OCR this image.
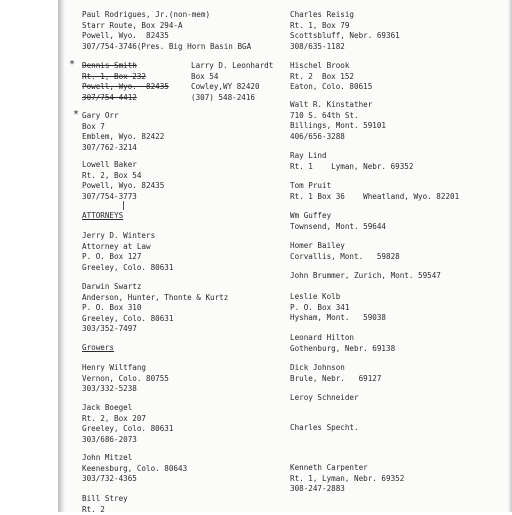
Paul Rodrigues, Jr.(non-mem)
Starr Route, Box 294-A
Powell, Wyo.  82435
307/754-3746(Pres. Big Horn Basin BGA
Dennis Smith
Rt. 1, Box 232
Powell, Wyo.  82435
307/754-4412
Gary Orr
Box 7
Emblem, Wyo. 82422
307/762-3214
Lowell Baker
Rt. 2, Box 54
Powell, Wyo. 82435
307/754-3773
ATTORNEYS
Jerry D. Winters
Attorney at Law
P. O. Box 127
Greeley, Colo. 80631
Darwin Swartz
Anderson, Hunter, Thonte & Kurtz
P. O. Box 310
Greeley, Colo. 80631
303/352-7497
Growers
Henry Wiltfang
Vernon, Colo. 80755
303/332-5238
Jack Boegel
Rt. 2, Box 207
Greeley, Colo. 80631
303/686-2073
John Mitzel
Keenesburg, Colo. 80643
303/732-4365
Bill Strey
Rt. 2
Larry D. Leonhardt
Box 54
Cowley,WY 82420
(307) 548-2416
Charles Reisig
Rt. 1, Box 79
Scottsbluff, Nebr. 69361
308/635-1182
Hischel Brook
Rt. 2  Box 152
Eaton, Colo. 80615
Walt R. Kinstather
710 S. 64th St.
Billings, Mont. 59101
406/656-3288
Ray Lind
Rt. 1    Lyman, Nebr. 69352
Tom Pruit
Rt. 1 Box 36    Wheatland, Wyo. 82201
Wm Guffey
Townsend, Mont. 59644
Homer Bailey
Corvallis, Mont.   59828
John Brummer, Zurich, Mont. 59547
Leslie Kolb
P. O. Box 341
Hysham, Mont.   59038
Leonard Hilton
Gothenburg, Nebr. 69138
Dick Johnson
Brule, Nebr.   69127
Leroy Schneider
Charles Specht.
Kenneth Carpenter
Rt. 1, Lyman, Nebr. 69352
308-247-2883
*
*
